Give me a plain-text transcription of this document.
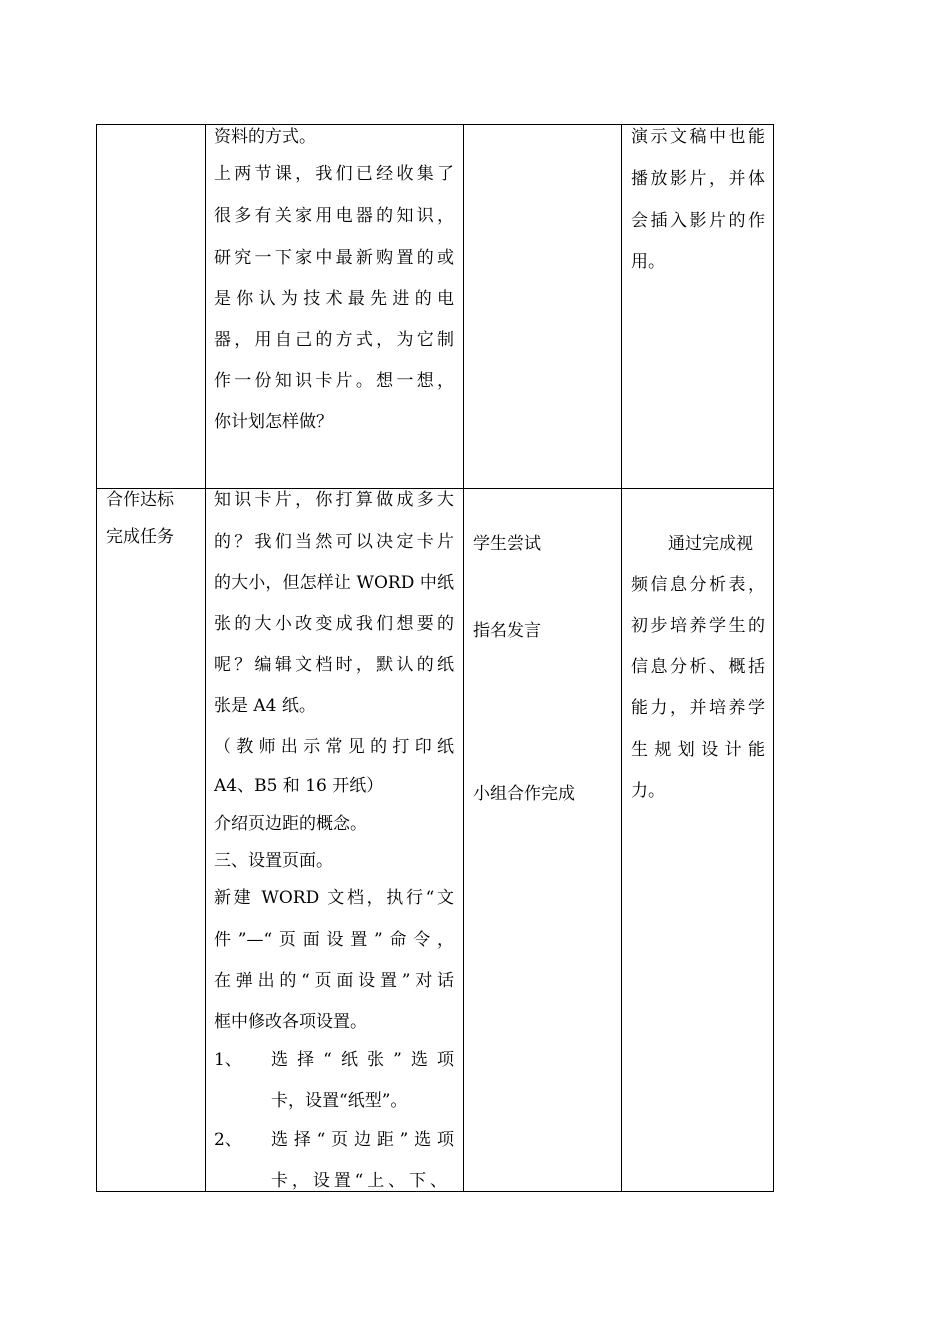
资料的方式。
上两节课，我们已经收集了
很多有关家用电器的知识，
研究一下家中最新购置的或
是你认为技术最先进的电
器，用自己的方式，为它制
作一份知识卡片。想一想，
你计划怎样做？
演示文稿中也能
播放影片，并体
会插入影片的作
用。
合作达标
完成任务
知识卡片，你打算做成多大
的？我们当然可以决定卡片
的大小，但怎样让 WORD 中纸
张的大小改变成我们想要的
呢？编辑文档时，默认的纸
张是 A4 纸。
（教师出示常见的打印纸
A4、B5 和 16 开纸）
介绍页边距的概念。
三、设置页面。
新建 WORD 文档，执行“文
件”—“页面设置”命令，
在弹出的“页面设置”对话
框中修改各项设置。
1、 选择“纸张”选项
卡，设置“纸型”。
2、 选择“页边距”选项
卡，设置“上、下、
学生尝试
指名发言
小组合作完成
通过完成视
频信息分析表，
初步培养学生的
信息分析、概括
能力，并培养学
生规划设计能
力。
